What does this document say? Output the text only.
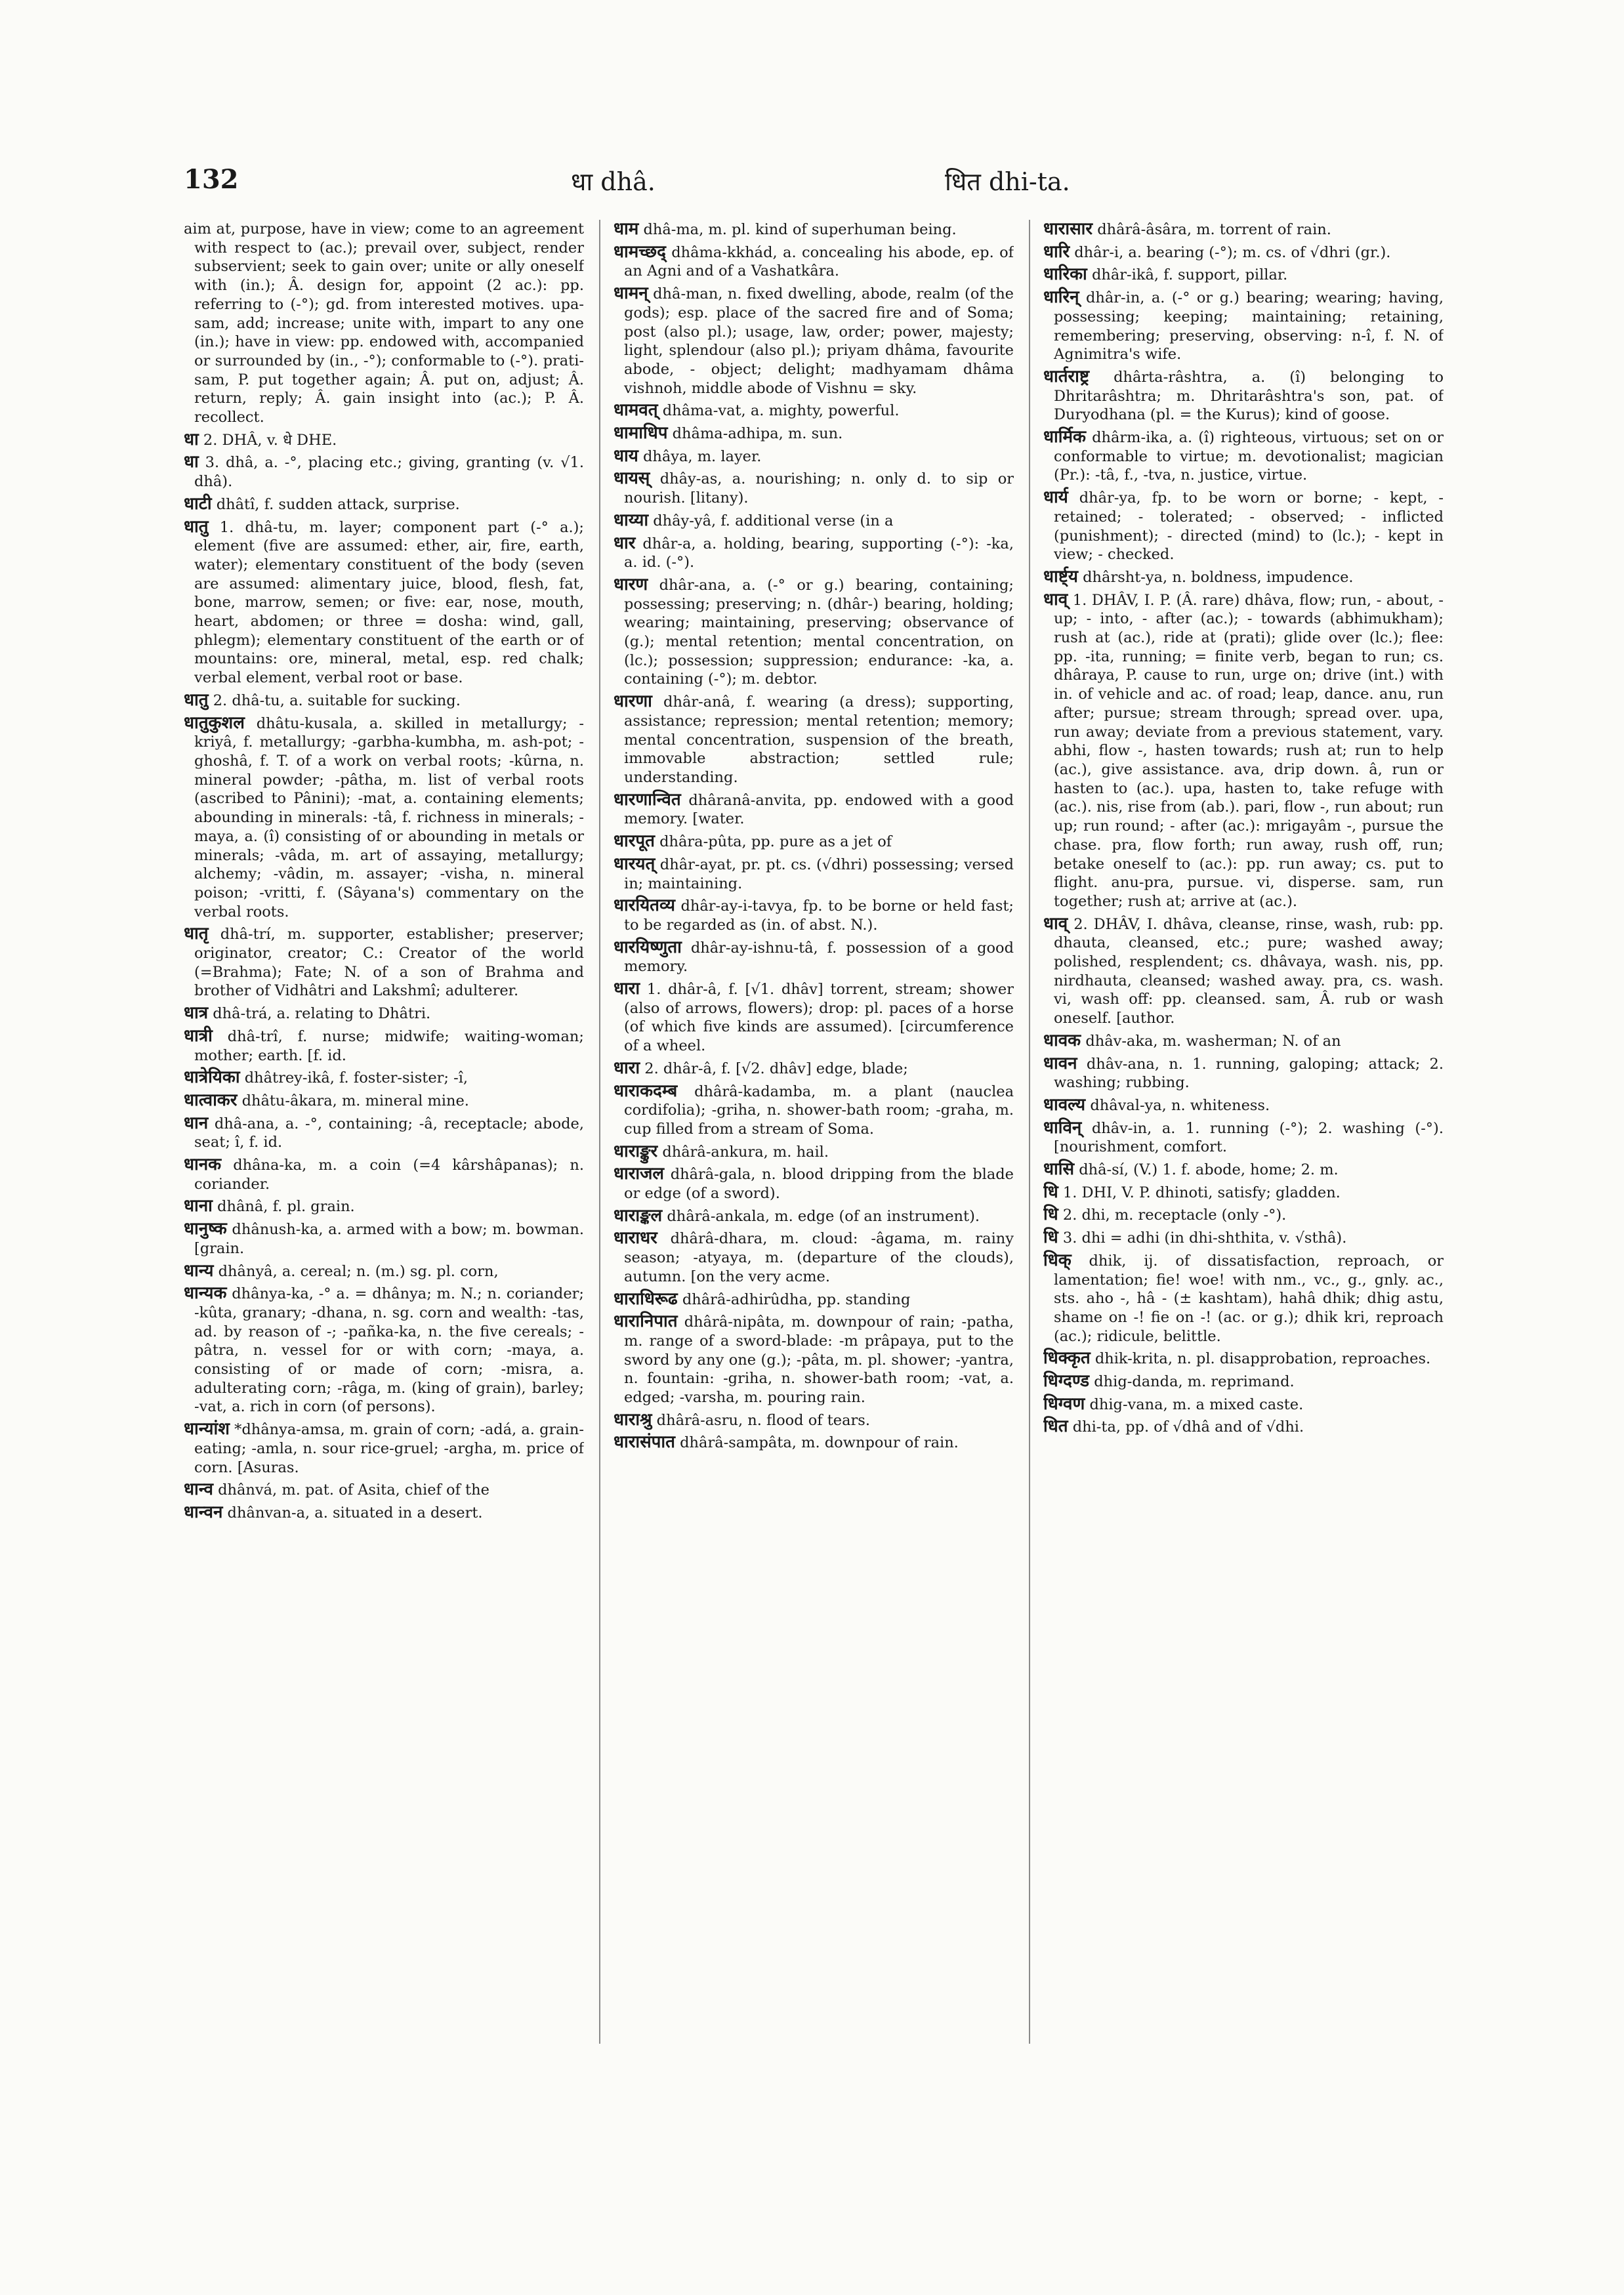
132	धा dhâ.	धित dhi-ta.

aim at, purpose, have in view; come to an agreement with respect to (ac.); prevail over, subject, render subservient; seek to gain over; unite or ally oneself with (in.); Â. design for, appoint (2 ac.): pp. referring to (-°); gd. from interested motives. upa-sam, add; increase; unite with, impart to any one (in.); have in view: pp. endowed with, accompanied or surrounded by (in., -°); conformable to (-°). prati-sam, P. put together again; Â. put on, adjust; Â. return, reply; Â. gain insight into (ac.); P. Â. recollect.

धा 2. DHÂ, v. धे DHE.

धा 3. dhâ, a. -°, placing etc.; giving, granting (v. √1. dhâ).

धाटी dhâtî, f. sudden attack, surprise.

धातु 1. dhâ-tu, m. layer; component part (-° a.); element (five are assumed: ether, air, fire, earth, water); elementary constituent of the body (seven are assumed: alimentary juice, blood, flesh, fat, bone, marrow, semen; or five: ear, nose, mouth, heart, abdomen; or three = dosha: wind, gall, phlegm); elementary constituent of the earth or of mountains: ore, mineral, metal, esp. red chalk; verbal element, verbal root or base.

धातु 2. dhâ-tu, a. suitable for sucking.

धातुकुशल dhâtu-kusala, a. skilled in metallurgy; -kriyâ, f. metallurgy; -garbha-kumbha, m. ash-pot; -ghoshâ, f. T. of a work on verbal roots; -kûrna, n. mineral powder; -pâtha, m. list of verbal roots (ascribed to Pânini); -mat, a. containing elements; abounding in minerals: -tâ, f. richness in minerals; -maya, a. (î) consisting of or abounding in metals or minerals; -vâda, m. art of assaying, metallurgy; alchemy; -vâdin, m. assayer; -visha, n. mineral poison; -vritti, f. (Sâyana's) commentary on the verbal roots.

धातृ dhâ-trí, m. supporter, establisher; preserver; originator, creator; C.: Creator of the world (=Brahma); Fate; N. of a son of Brahma and brother of Vidhâtri and Lakshmî; adulterer.

धात्र dhâ-trá, a. relating to Dhâtri.

धात्री dhâ-trî, f. nurse; midwife; waiting-woman; mother; earth. [f. id.

धात्रेयिका dhâtrey-ikâ, f. foster-sister; -î,

धात्वाकर dhâtu-âkara, m. mineral mine.

धान dhâ-ana, a. -°, containing; -â, receptacle; abode, seat; î, f. id.

धानक dhâna-ka, m. a coin (=4 kârshâpanas); n. coriander.

धाना dhânâ, f. pl. grain.

धानुष्क dhânush-ka, a. armed with a bow; m. bowman. [grain.

धान्य dhânyâ, a. cereal; n. (m.) sg. pl. corn,

धान्यक dhânya-ka, -° a. = dhânya; m. N.; n. coriander; -kûta, granary; -dhana, n. sg. corn and wealth: -tas, ad. by reason of -; -pañka-ka, n. the five cereals; -pâtra, n. vessel for or with corn; -maya, a. consisting of or made of corn; -misra, a. adulterating corn; -râga, m. (king of grain), barley; -vat, a. rich in corn (of persons).

धान्यांश *dhânya-amsa, m. grain of corn; -adá, a. grain-eating; -amla, n. sour rice-gruel; -argha, m. price of corn. [Asuras.

धान्व dhânvá, m. pat. of Asita, chief of the

धान्वन dhânvan-a, a. situated in a desert.

धाम dhâ-ma, m. pl. kind of superhuman being.

धामच्छद् dhâma-kkhád, a. concealing his abode, ep. of an Agni and of a Vashatkâra.

धामन् dhâ-man, n. fixed dwelling, abode, realm (of the gods); esp. place of the sacred fire and of Soma; post (also pl.); usage, law, order; power, majesty; light, splendour (also pl.); priyam dhâma, favourite abode, - object; delight; madhyamam dhâma vishnoh, middle abode of Vishnu = sky.

धामवत् dhâma-vat, a. mighty, powerful.

धामाधिप dhâma-adhipa, m. sun.

धाय dhâya, m. layer.

धायस् dhây-as, a. nourishing; n. only d. to sip or nourish. [litany).

धाय्या dhây-yâ, f. additional verse (in a

धार dhâr-a, a. holding, bearing, supporting (-°): -ka, a. id. (-°).

धारण dhâr-ana, a. (-° or g.) bearing, containing; possessing; preserving; n. (dhâr-) bearing, holding; wearing; maintaining, preserving; observance of (g.); mental retention; mental concentration, on (lc.); possession; suppression; endurance: -ka, a. containing (-°); m. debtor.

धारणा dhâr-anâ, f. wearing (a dress); supporting, assistance; repression; mental retention; memory; mental concentration, suspension of the breath, immovable abstraction; settled rule; understanding.

धारणान्वित dhâranâ-anvita, pp. endowed with a good memory. [water.

धारपूत dhâra-pûta, pp. pure as a jet of

धारयत् dhâr-ayat, pr. pt. cs. (√dhri) possessing; versed in; maintaining.

धारयितव्य dhâr-ay-i-tavya, fp. to be borne or held fast; to be regarded as (in. of abst. N.).

धारयिष्णुता dhâr-ay-ishnu-tâ, f. possession of a good memory.

धारा 1. dhâr-â, f. [√1. dhâv] torrent, stream; shower (also of arrows, flowers); drop: pl. paces of a horse (of which five kinds are assumed). [circumference of a wheel.

धारा 2. dhâr-â, f. [√2. dhâv] edge, blade;

धाराकदम्ब dhârâ-kadamba, m. a plant (nauclea cordifolia); -griha, n. shower-bath room; -graha, m. cup filled from a stream of Soma.

धाराङ्कुर dhârâ-ankura, m. hail.

धाराजल dhârâ-gala, n. blood dripping from the blade or edge (of a sword).

धाराङ्कल dhârâ-ankala, m. edge (of an instrument).

धाराधर dhârâ-dhara, m. cloud: -âgama, m. rainy season; -atyaya, m. (departure of the clouds), autumn. [on the very acme.

धाराधिरूढ dhârâ-adhirûdha, pp. standing

धारानिपात dhârâ-nipâta, m. downpour of rain; -patha, m. range of a sword-blade: -m prâpaya, put to the sword by any one (g.); -pâta, m. pl. shower; -yantra, n. fountain: -griha, n. shower-bath room; -vat, a. edged; -varsha, m. pouring rain.

धाराश्रु dhârâ-asru, n. flood of tears.

धारासंपात dhârâ-sampâta, m. downpour of rain.

धारासार dhârâ-âsâra, m. torrent of rain.

धारि dhâr-i, a. bearing (-°); m. cs. of √dhri (gr.).

धारिका dhâr-ikâ, f. support, pillar.

धारिन् dhâr-in, a. (-° or g.) bearing; wearing; having, possessing; keeping; maintaining; retaining, remembering; preserving, observing: n-î, f. N. of Agnimitra's wife.

धार्तराष्ट्र dhârta-râshtra, a. (î) belonging to Dhritarâshtra; m. Dhritarâshtra's son, pat. of Duryodhana (pl. = the Kurus); kind of goose.

धार्मिक dhârm-ika, a. (î) righteous, virtuous; set on or conformable to virtue; m. devotionalist; magician (Pr.): -tâ, f., -tva, n. justice, virtue.

धार्य dhâr-ya, fp. to be worn or borne; - kept, - retained; - tolerated; - observed; - inflicted (punishment); - directed (mind) to (lc.); - kept in view; - checked.

धार्ष्ट्य dhârsht-ya, n. boldness, impudence.

धाव् 1. DHÂV, I. P. (Â. rare) dhâva, flow; run, - about, - up; - into, - after (ac.); - towards (abhimukham); rush at (ac.), ride at (prati); glide over (lc.); flee: pp. -ita, running; = finite verb, began to run; cs. dhâraya, P. cause to run, urge on; drive (int.) with in. of vehicle and ac. of road; leap, dance. anu, run after; pursue; stream through; spread over. upa, run away; deviate from a previous statement, vary. abhi, flow -, hasten towards; rush at; run to help (ac.), give assistance. ava, drip down. â, run or hasten to (ac.). upa, hasten to, take refuge with (ac.). nis, rise from (ab.). pari, flow -, run about; run up; run round; - after (ac.): mrigayâm -, pursue the chase. pra, flow forth; run away, rush off, run; betake oneself to (ac.): pp. run away; cs. put to flight. anu-pra, pursue. vi, disperse. sam, run together; rush at; arrive at (ac.).

धाव् 2. DHÂV, I. dhâva, cleanse, rinse, wash, rub: pp. dhauta, cleansed, etc.; pure; washed away; polished, resplendent; cs. dhâvaya, wash. nis, pp. nirdhauta, cleansed; washed away. pra, cs. wash. vi, wash off: pp. cleansed. sam, Â. rub or wash oneself. [author.

धावक dhâv-aka, m. washerman; N. of an

धावन dhâv-ana, n. 1. running, galoping; attack; 2. washing; rubbing.

धावल्य dhâval-ya, n. whiteness.

धाविन् dhâv-in, a. 1. running (-°); 2. washing (-°). [nourishment, comfort.

धासि dhâ-sí, (V.) 1. f. abode, home; 2. m.

धि 1. DHI, V. P. dhinoti, satisfy; gladden.

धि 2. dhi, m. receptacle (only -°).

धि 3. dhi = adhi (in dhi-shthita, v. √sthâ).

धिक् dhik, ij. of dissatisfaction, reproach, or lamentation; fie! woe! with nm., vc., g., gnly. ac., sts. aho -, hâ - (± kashtam), hahâ dhik; dhig astu, shame on -! fie on -! (ac. or g.); dhik kri, reproach (ac.); ridicule, belittle.

धिक्कृत dhik-krita, n. pl. disapprobation, reproaches.

धिग्दण्ड dhig-danda, m. reprimand.

धिग्वण dhig-vana, m. a mixed caste.

धित dhi-ta, pp. of √dhâ and of √dhi.
